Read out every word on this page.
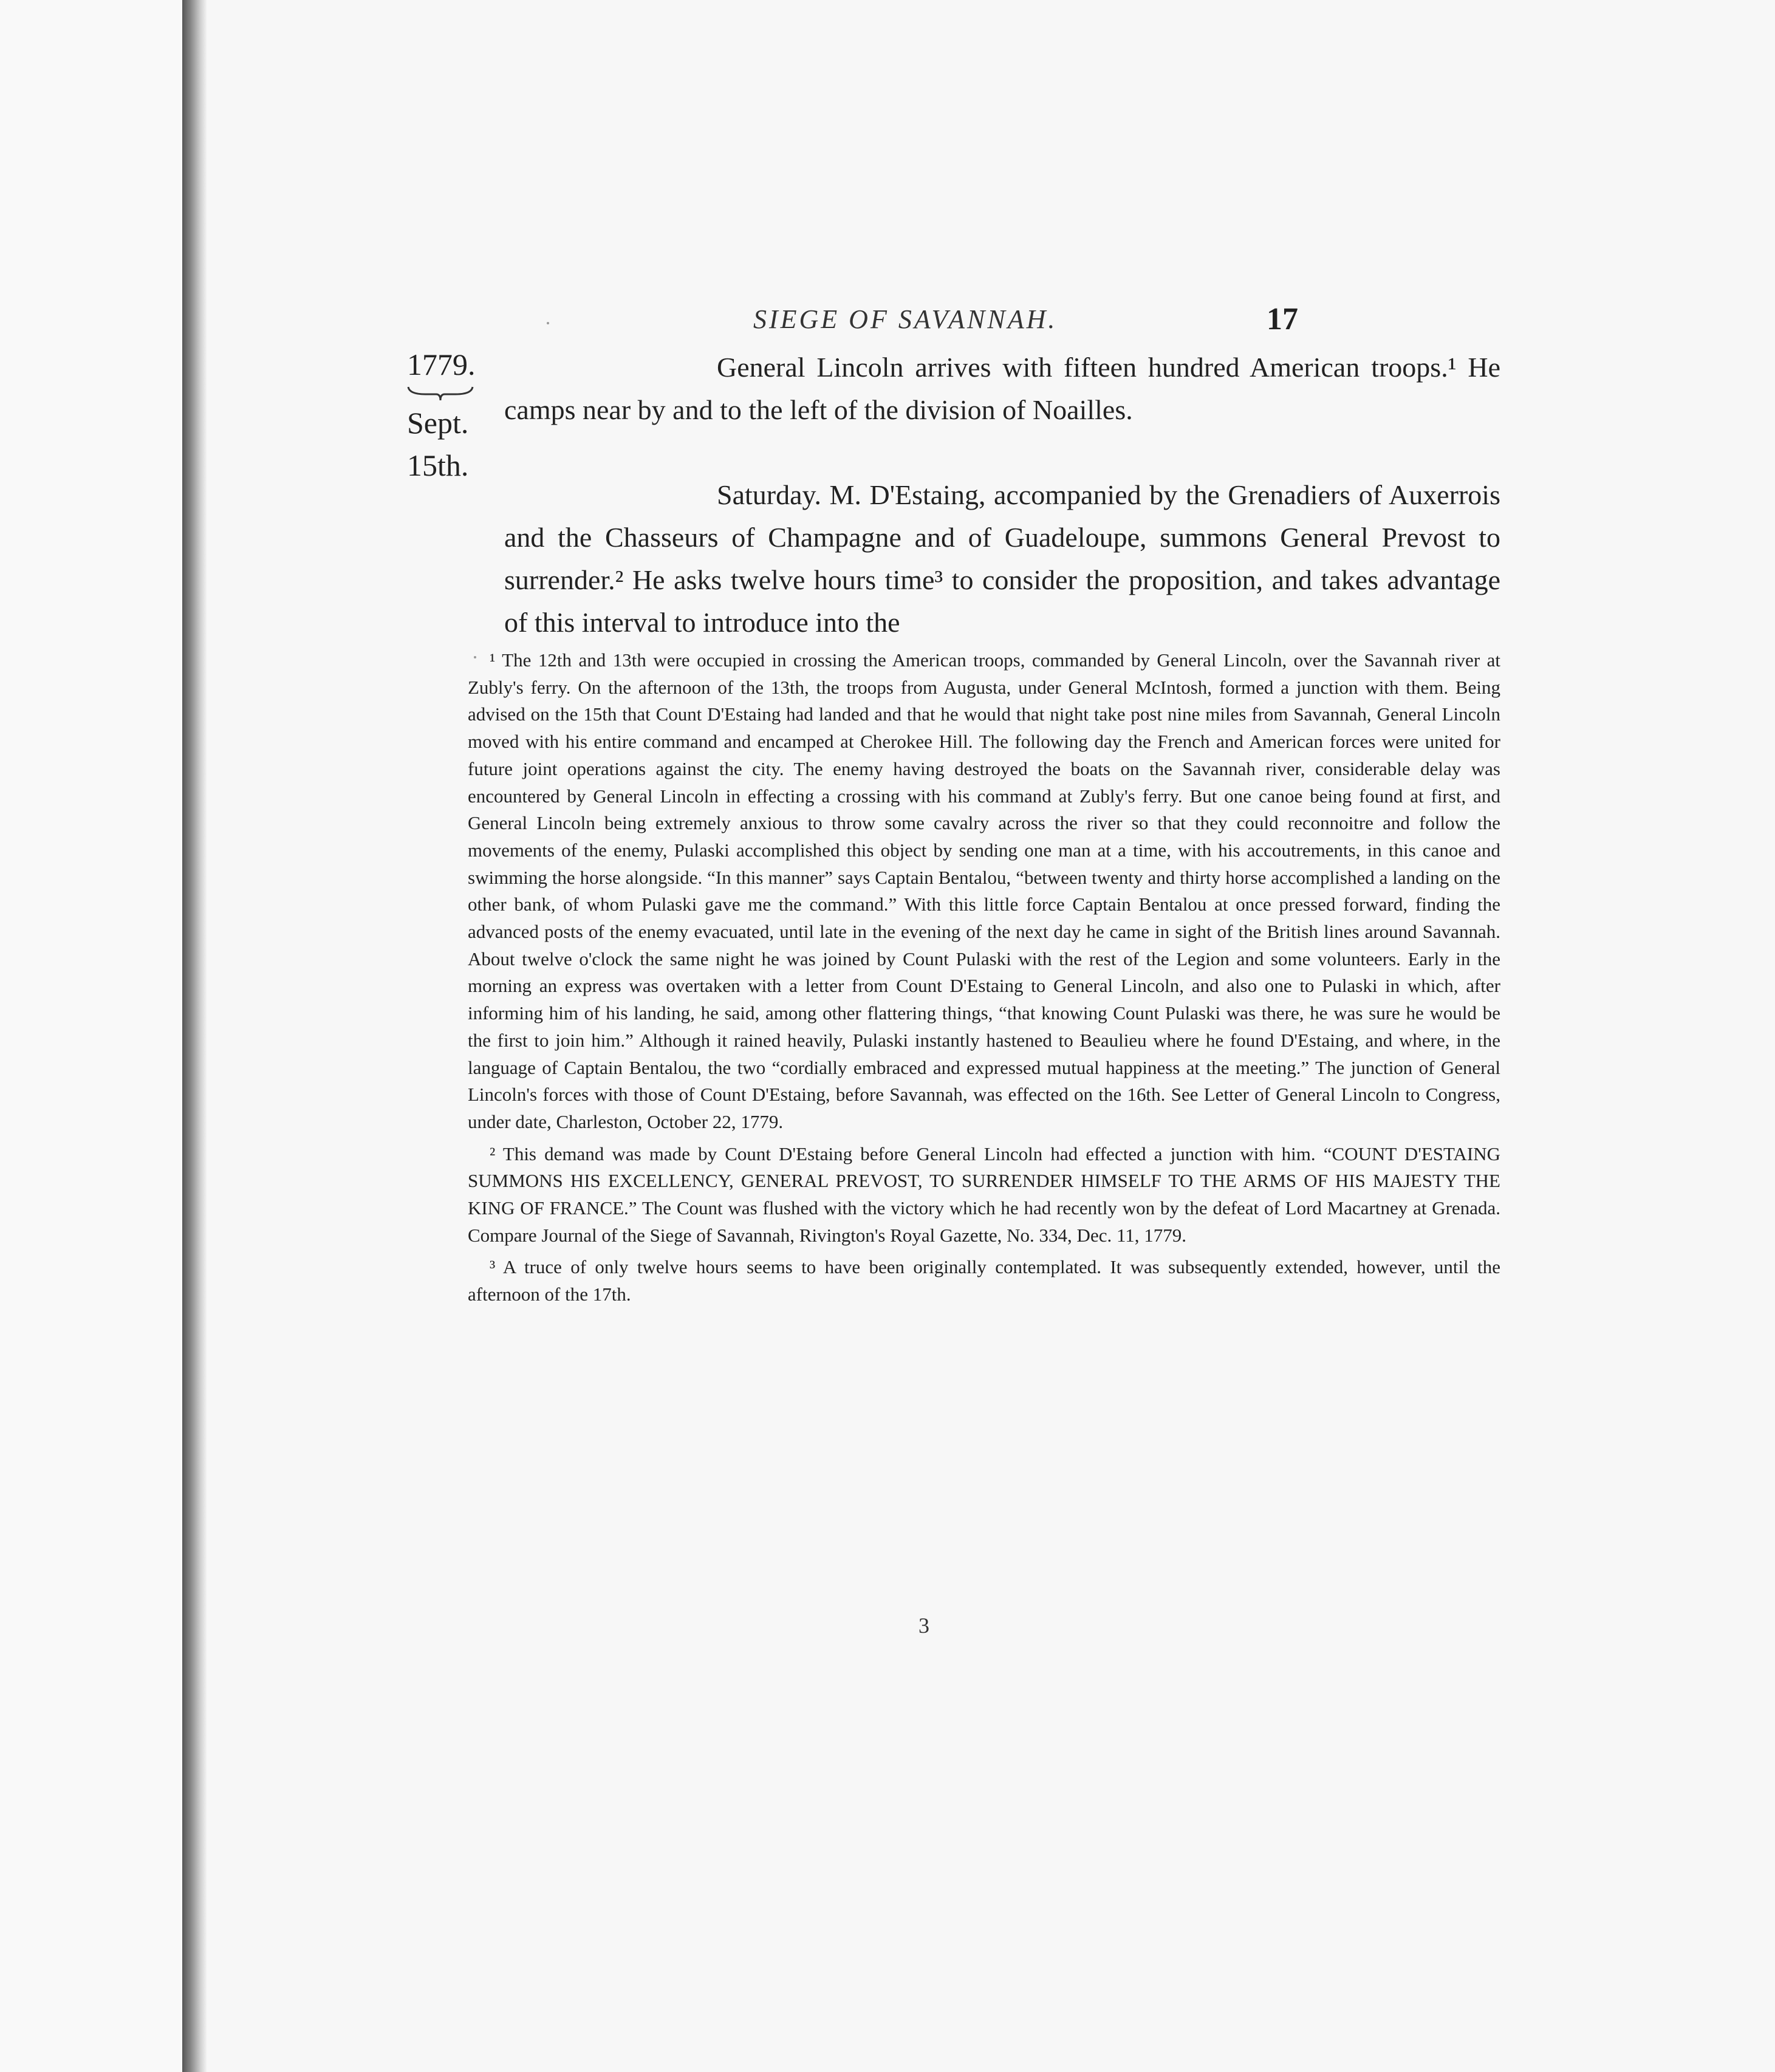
SIEGE OF SAVANNAH.	17
1779.
Sept.
15th.
General Lincoln arrives with fifteen hundred American troops.¹ He camps near by and to the left of the division of Noailles.
Saturday. M. D'Estaing, accompanied by the Grenadiers of Auxerrois and the Chasseurs of Champagne and of Guadeloupe, summons General Prevost to surrender.² He asks twelve hours time³ to consider the proposition, and takes advantage of this interval to introduce into the

¹ The 12th and 13th were occupied in crossing the American troops, commanded by General Lincoln, over the Savannah river at Zubly's ferry. On the afternoon of the 13th, the troops from Augusta, under General McIntosh, formed a junction with them. Being advised on the 15th that Count D'Estaing had landed and that he would that night take post nine miles from Savannah, General Lincoln moved with his entire command and encamped at Cherokee Hill. The following day the French and American forces were united for future joint operations against the city. The enemy having destroyed the boats on the Savannah river, considerable delay was encountered by General Lincoln in effecting a crossing with his command at Zubly's ferry. But one canoe being found at first, and General Lincoln being extremely anxious to throw some cavalry across the river so that they could reconnoitre and follow the movements of the enemy, Pulaski accomplished this object by sending one man at a time, with his accoutrements, in this canoe and swimming the horse alongside. “In this manner” says Captain Bentalou, “between twenty and thirty horse accomplished a landing on the other bank, of whom Pulaski gave me the command.” With this little force Captain Bentalou at once pressed forward, finding the advanced posts of the enemy evacuated, until late in the evening of the next day he came in sight of the British lines around Savannah. About twelve o'clock the same night he was joined by Count Pulaski with the rest of the Legion and some volunteers. Early in the morning an express was overtaken with a letter from Count D'Estaing to General Lincoln, and also one to Pulaski in which, after informing him of his landing, he said, among other flattering things, “that knowing Count Pulaski was there, he was sure he would be the first to join him.” Although it rained heavily, Pulaski instantly hastened to Beaulieu where he found D'Estaing, and where, in the language of Captain Bentalou, the two “cordially embraced and expressed mutual happiness at the meeting.” The junction of General Lincoln's forces with those of Count D'Estaing, before Savannah, was effected on the 16th. See Letter of General Lincoln to Congress, under date, Charleston, October 22, 1779.

² This demand was made by Count D'Estaing before General Lincoln had effected a junction with him. “COUNT D'ESTAING SUMMONS HIS EXCELLENCY, GENERAL PREVOST, TO SURRENDER HIMSELF TO THE ARMS OF HIS MAJESTY THE KING OF FRANCE.” The Count was flushed with the victory which he had recently won by the defeat of Lord Macartney at Grenada. Compare Journal of the Siege of Savannah, Rivington's Royal Gazette, No. 334, Dec. 11, 1779.

³ A truce of only twelve hours seems to have been originally contemplated. It was subsequently extended, however, until the afternoon of the 17th.

3
